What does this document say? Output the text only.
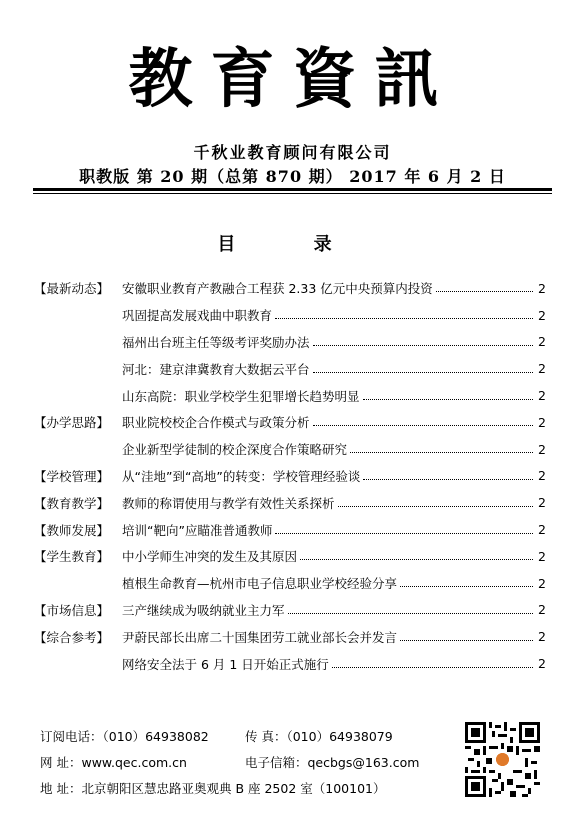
教育資訊
千秋业教育顾问有限公司
职教版 第 20 期（总第 870 期） 2017 年 6 月 2 日
目 录
【最新动态】	安徽职业教育产教融合工程获 2.33 亿元中央预算内投资	2
巩固提高发展戏曲中职教育	2
福州出台班主任等级考评奖励办法	2
河北：建京津冀教育大数据云平台	2
山东高院：职业学校学生犯罪增长趋势明显	2
【办学思路】	职业院校校企合作模式与政策分析	2
企业新型学徒制的校企深度合作策略研究	2
【学校管理】	从“洼地”到“高地”的转变：学校管理经验谈	2
【教育教学】	教师的称谓使用与教学有效性关系探析	2
【教师发展】	培训“靶向”应瞄准普通教师	2
【学生教育】	中小学师生冲突的发生及其原因	2
植根生命教育—杭州市电子信息职业学校经验分享	2
【市场信息】	三产继续成为吸纳就业主力军	2
【综合参考】	尹蔚民部长出席二十国集团劳工就业部长会并发言	2
网络安全法于 6 月 1 日开始正式施行	2
订阅电话：（010）64938082	传 真：（010）64938079
网 址：www.qec.com.cn	电子信箱：qecbgs@163.com
地 址：北京朝阳区慧忠路亚奥观典 B 座 2502 室（100101）
